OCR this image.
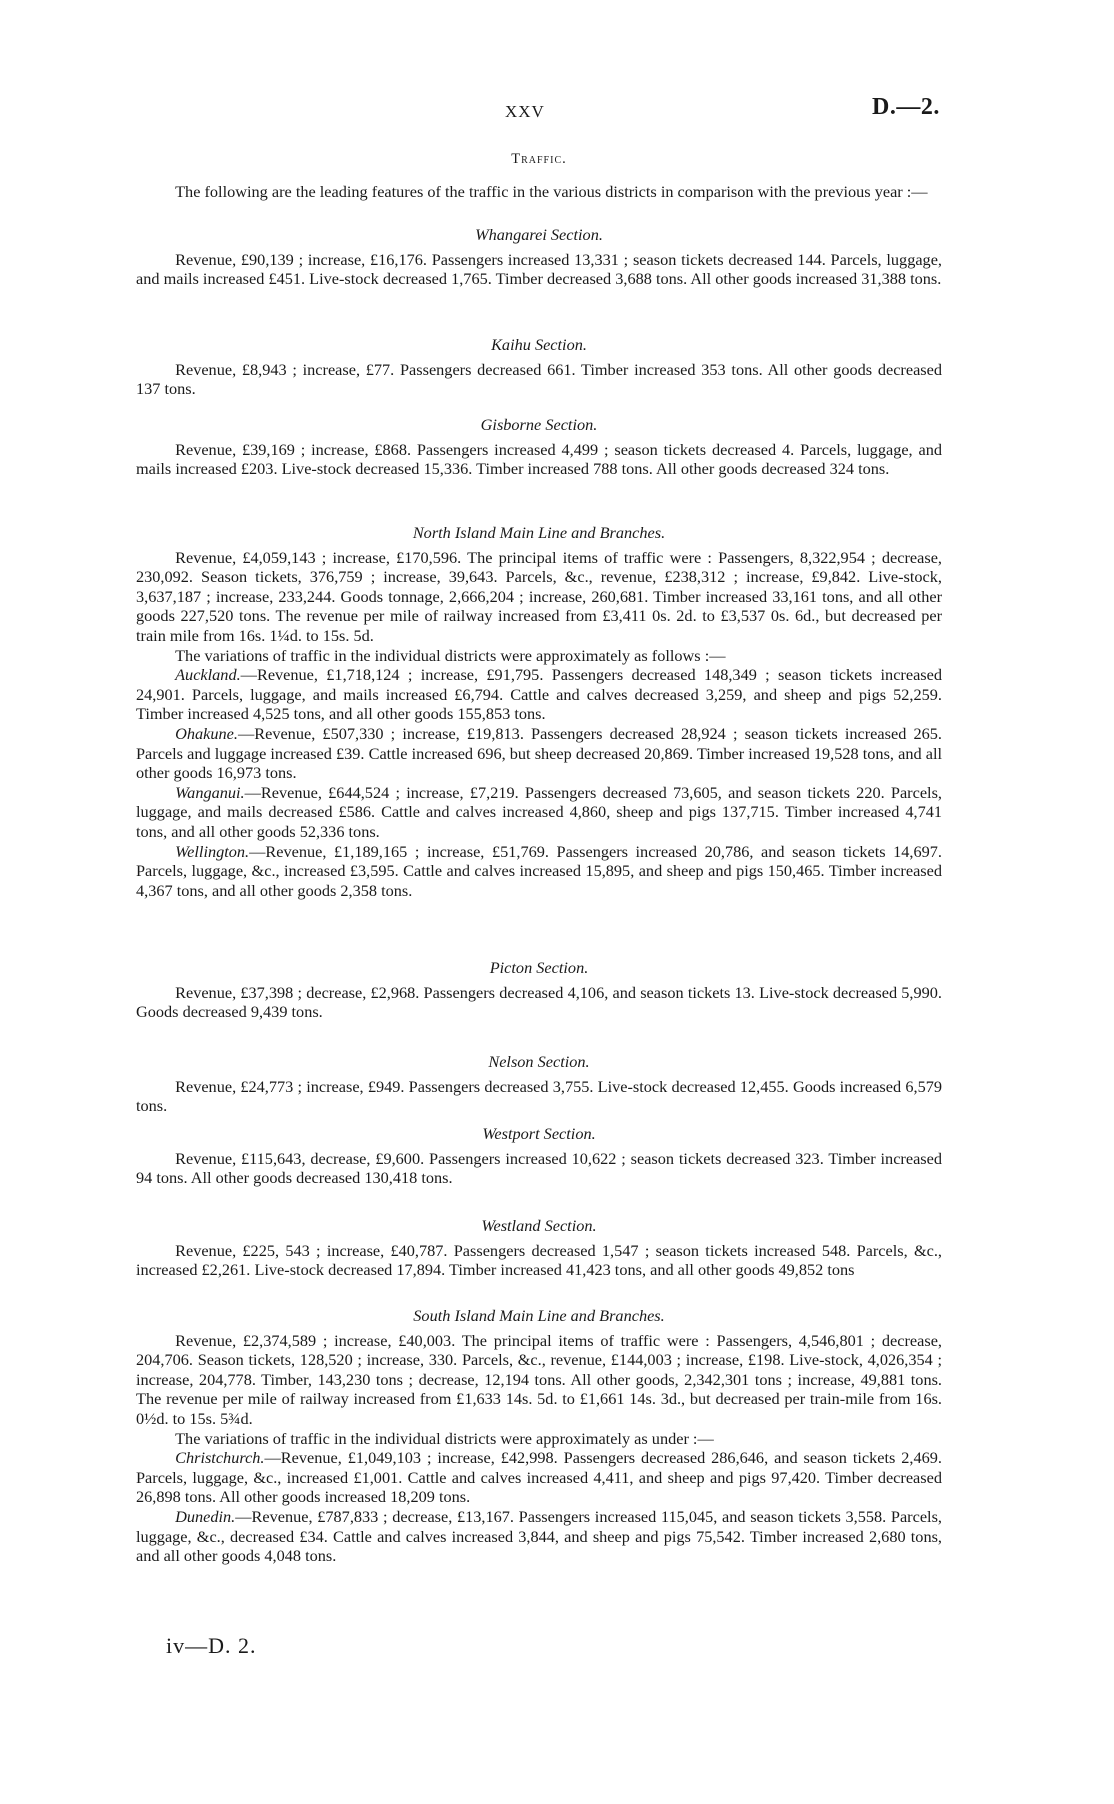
XXV	D.—2.
Traffic.

The following are the leading features of the traffic in the various districts in comparison with the previous year :—

Whangarei Section.

Revenue, £90,139 ; increase, £16,176. Passengers increased 13,331 ; season tickets decreased 144. Parcels, luggage, and mails increased £451. Live-stock decreased 1,765. Timber decreased 3,688 tons. All other goods increased 31,388 tons.

Kaihu Section.

Revenue, £8,943 ; increase, £77. Passengers decreased 661. Timber increased 353 tons. All other goods decreased 137 tons.

Gisborne Section.

Revenue, £39,169 ; increase, £868. Passengers increased 4,499 ; season tickets decreased 4. Parcels, luggage, and mails increased £203. Live-stock decreased 15,336. Timber increased 788 tons. All other goods decreased 324 tons.

North Island Main Line and Branches.

Revenue, £4,059,143 ; increase, £170,596. The principal items of traffic were : Passengers, 8,322,954 ; decrease, 230,092. Season tickets, 376,759 ; increase, 39,643. Parcels, &c., revenue, £238,312 ; increase, £9,842. Live-stock, 3,637,187 ; increase, 233,244. Goods tonnage, 2,666,204 ; increase, 260,681. Timber increased 33,161 tons, and all other goods 227,520 tons. The revenue per mile of railway increased from £3,411 0s. 2d. to £3,537 0s. 6d., but decreased per train mile from 16s. 1¼d. to 15s. 5d.

The variations of traffic in the individual districts were approximately as follows :—

Auckland.—Revenue, £1,718,124 ; increase, £91,795. Passengers decreased 148,349 ; season tickets increased 24,901. Parcels, luggage, and mails increased £6,794. Cattle and calves decreased 3,259, and sheep and pigs 52,259. Timber increased 4,525 tons, and all other goods 155,853 tons.

Ohakune.—Revenue, £507,330 ; increase, £19,813. Passengers decreased 28,924 ; season tickets increased 265. Parcels and luggage increased £39. Cattle increased 696, but sheep decreased 20,869. Timber increased 19,528 tons, and all other goods 16,973 tons.

Wanganui.—Revenue, £644,524 ; increase, £7,219. Passengers decreased 73,605, and season tickets 220. Parcels, luggage, and mails decreased £586. Cattle and calves increased 4,860, sheep and pigs 137,715. Timber increased 4,741 tons, and all other goods 52,336 tons.

Wellington.—Revenue, £1,189,165 ; increase, £51,769. Passengers increased 20,786, and season tickets 14,697. Parcels, luggage, &c., increased £3,595. Cattle and calves increased 15,895, and sheep and pigs 150,465. Timber increased 4,367 tons, and all other goods 2,358 tons.

Picton Section.

Revenue, £37,398 ; decrease, £2,968. Passengers decreased 4,106, and season tickets 13. Live-stock decreased 5,990. Goods decreased 9,439 tons.

Nelson Section.

Revenue, £24,773 ; increase, £949. Passengers decreased 3,755. Live-stock decreased 12,455. Goods increased 6,579 tons.

Westport Section.

Revenue, £115,643, decrease, £9,600. Passengers increased 10,622 ; season tickets decreased 323. Timber increased 94 tons. All other goods decreased 130,418 tons.

Westland Section.

Revenue, £225, 543 ; increase, £40,787. Passengers decreased 1,547 ; season tickets increased 548. Parcels, &c., increased £2,261. Live-stock decreased 17,894. Timber increased 41,423 tons, and all other goods 49,852 tons

South Island Main Line and Branches.

Revenue, £2,374,589 ; increase, £40,003. The principal items of traffic were : Passengers, 4,546,801 ; decrease, 204,706. Season tickets, 128,520 ; increase, 330. Parcels, &c., revenue, £144,003 ; increase, £198. Live-stock, 4,026,354 ; increase, 204,778. Timber, 143,230 tons ; decrease, 12,194 tons. All other goods, 2,342,301 tons ; increase, 49,881 tons. The revenue per mile of railway increased from £1,633 14s. 5d. to £1,661 14s. 3d., but decreased per train-mile from 16s. 0½d. to 15s. 5¾d.

The variations of traffic in the individual districts were approximately as under :—

Christchurch.—Revenue, £1,049,103 ; increase, £42,998. Passengers decreased 286,646, and season tickets 2,469. Parcels, luggage, &c., increased £1,001. Cattle and calves increased 4,411, and sheep and pigs 97,420. Timber decreased 26,898 tons. All other goods increased 18,209 tons.

Dunedin.—Revenue, £787,833 ; decrease, £13,167. Passengers increased 115,045, and season tickets 3,558. Parcels, luggage, &c., decreased £34. Cattle and calves increased 3,844, and sheep and pigs 75,542. Timber increased 2,680 tons, and all other goods 4,048 tons.

iv—D. 2.
